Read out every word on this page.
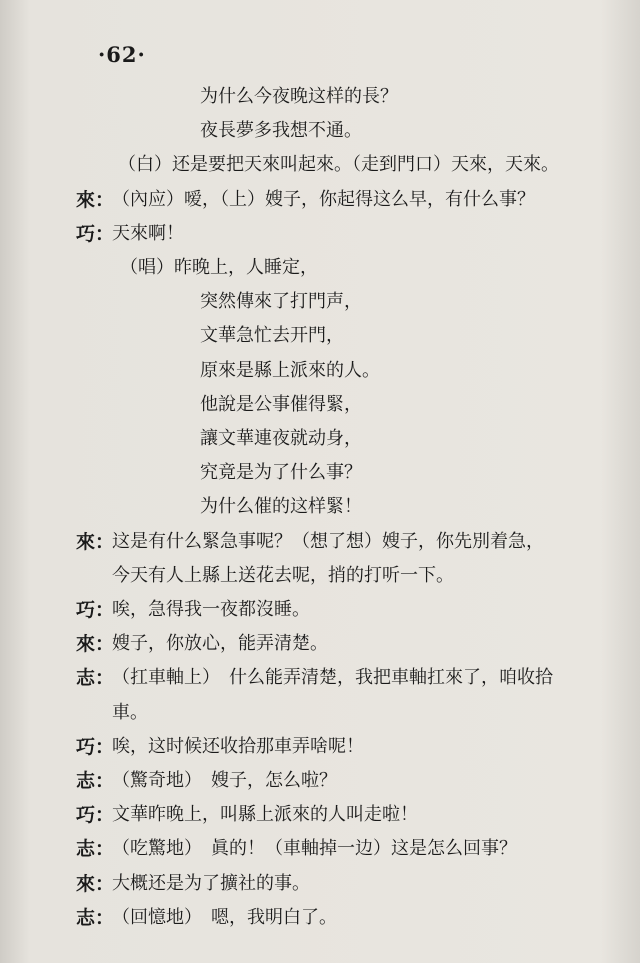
·62·
为什么今夜晚这样的長？
夜長夢多我想不通。
（白）还是要把天來叫起來。（走到門口）天來，天來。
來：
（內应）嗳，（上）嫂子，你起得这么早，有什么事？
巧：
天來啊！
（唱）昨晚上，人睡定，
突然傳來了打門声，
文華急忙去开門，
原來是縣上派來的人。
他說是公事催得緊，
讓文華連夜就动身，
究竟是为了什么事？
为什么催的这样緊！
來：
这是有什么緊急事呢？（想了想）嫂子，你先別着急，
今天有人上縣上送花去呢，捎的打听一下。
巧：
唉，急得我一夜都沒睡。
來：
嫂子，你放心，能弄清楚。
志：
（扛車軸上）　什么能弄清楚，我把車軸扛來了，咱收拾
車。
巧：
唉，这时候还收拾那車弄啥呢！
志：
（驚奇地）　嫂子，怎么啦？
巧：
文華昨晚上，叫縣上派來的人叫走啦！
志：
（吃驚地）　眞的！（車軸掉一边）这是怎么回事？
來：
大概还是为了擴社的事。
志：
（回憶地）　嗯，我明白了。
